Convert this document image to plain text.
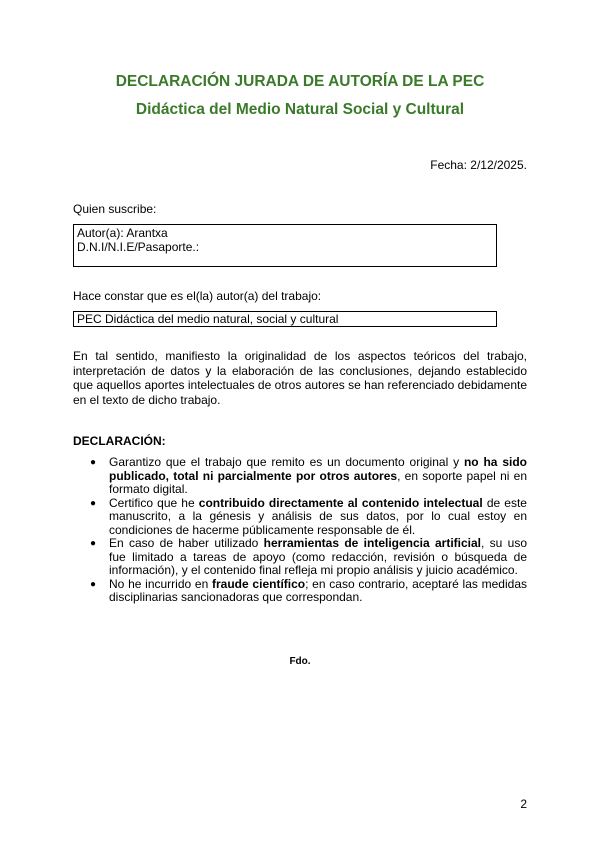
DECLARACIÓN JURADA DE AUTORÍA DE LA PEC
Didáctica del Medio Natural Social y Cultural
Fecha: 2/12/2025.
Quien suscribe:
Autor(a): Arantxa
D.N.I/N.I.E/Pasaporte.:
Hace constar que es el(la) autor(a) del trabajo:
PEC Didáctica del medio natural, social y cultural

En tal sentido, manifiesto la originalidad de los aspectos teóricos del trabajo, interpretación de datos y la elaboración de las conclusiones, dejando establecido que aquellos aportes intelectuales de otros autores se han referenciado debidamente en el texto de dicho trabajo.

DECLARACIÓN:

● Garantizo que el trabajo que remito es un documento original y no ha sido publicado, total ni parcialmente por otros autores, en soporte papel ni en formato digital.
● Certifico que he contribuido directamente al contenido intelectual de este manuscrito, a la génesis y análisis de sus datos, por lo cual estoy en condiciones de hacerme públicamente responsable de él.
● En caso de haber utilizado herramientas de inteligencia artificial, su uso fue limitado a tareas de apoyo (como redacción, revisión o búsqueda de información), y el contenido final refleja mi propio análisis y juicio académico.
● No he incurrido en fraude científico; en caso contrario, aceptaré las medidas disciplinarias sancionadoras que correspondan.
Fdo.
2
